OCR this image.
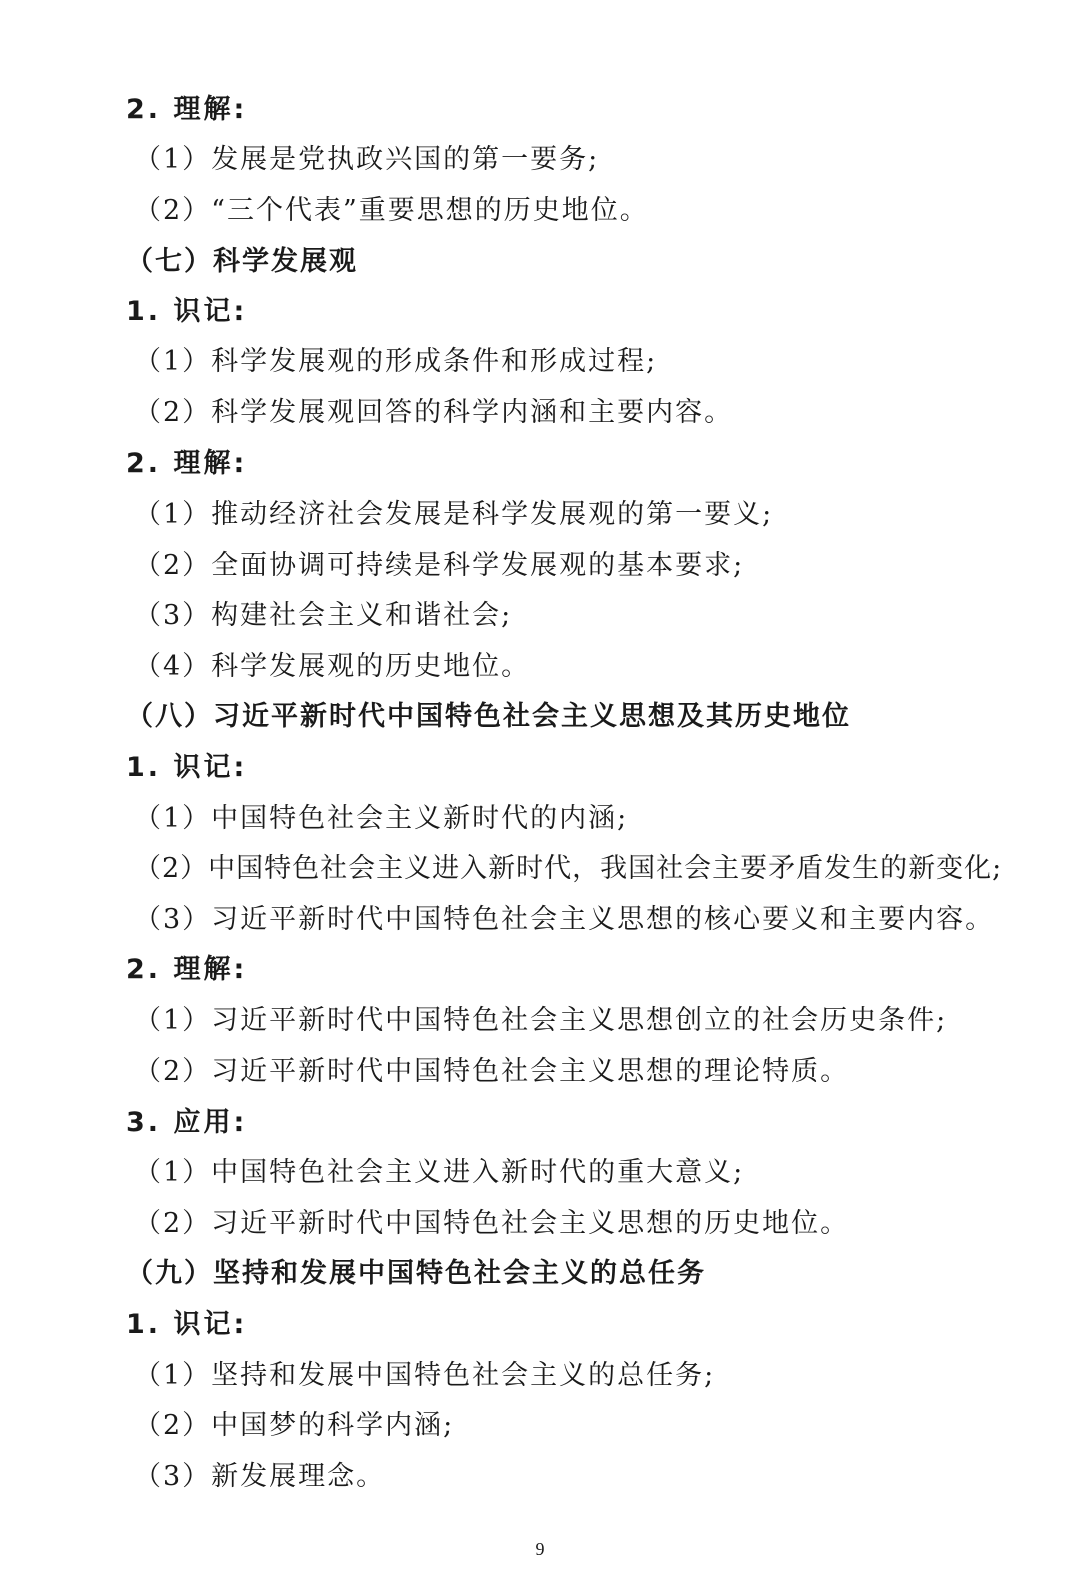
2. 理解:
（1）发展是党执政兴国的第一要务;
（2）“三个代表”重要思想的历史地位。
（七）科学发展观
1. 识记:
（1）科学发展观的形成条件和形成过程;
（2）科学发展观回答的科学内涵和主要内容。
2. 理解:
（1）推动经济社会发展是科学发展观的第一要义;
（2）全面协调可持续是科学发展观的基本要求;
（3）构建社会主义和谐社会;
（4）科学发展观的历史地位。
（八）习近平新时代中国特色社会主义思想及其历史地位
1. 识记:
（1）中国特色社会主义新时代的内涵;
（2）中国特色社会主义进入新时代，我国社会主要矛盾发生的新变化;
（3）习近平新时代中国特色社会主义思想的核心要义和主要内容。
2. 理解:
（1）习近平新时代中国特色社会主义思想创立的社会历史条件;
（2）习近平新时代中国特色社会主义思想的理论特质。
3. 应用:
（1）中国特色社会主义进入新时代的重大意义;
（2）习近平新时代中国特色社会主义思想的历史地位。
（九）坚持和发展中国特色社会主义的总任务
1. 识记:
（1）坚持和发展中国特色社会主义的总任务;
（2）中国梦的科学内涵;
（3）新发展理念。
9
